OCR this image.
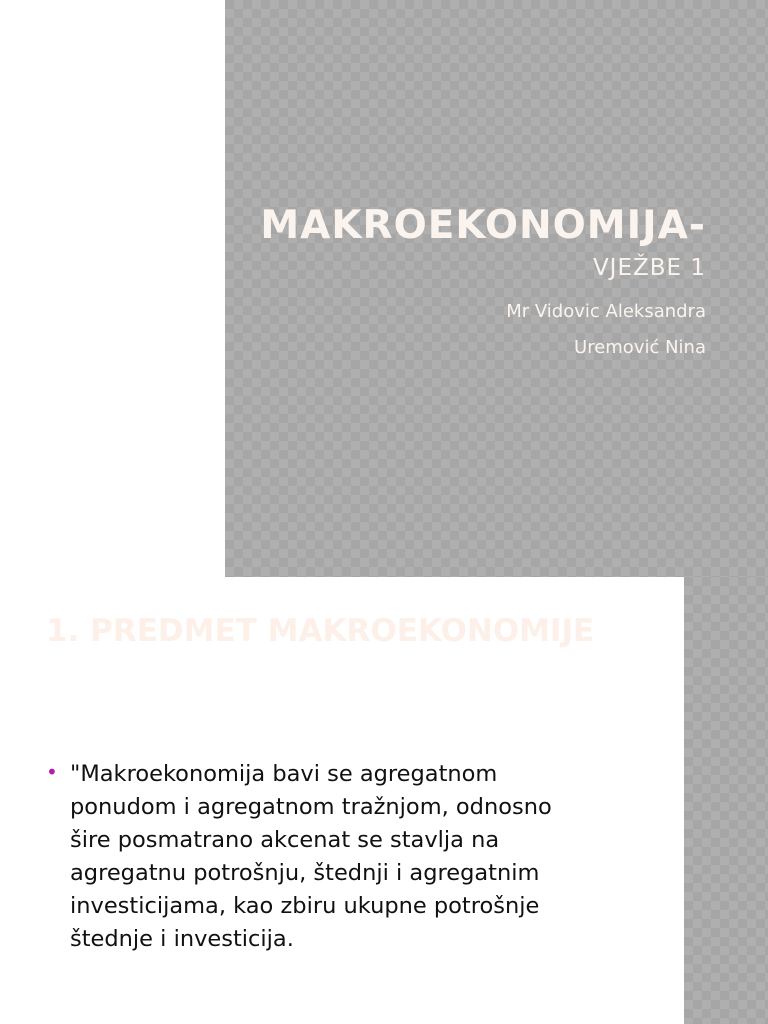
MAKROEKONOMIJA-
VJEŽBE 1
Mr Vidovic Aleksandra
Uremović Nina
1. PREDMET MAKROEKONOMIJE
• "Makroekonomija bavi se agregatnom
ponudom i agregatnom tražnjom, odnosno
šire posmatrano akcenat se stavlja na
agregatnu potrošnju, štednji i agregatnim
investicijama, kao zbiru ukupne potrošnje
štednje i investicija.
